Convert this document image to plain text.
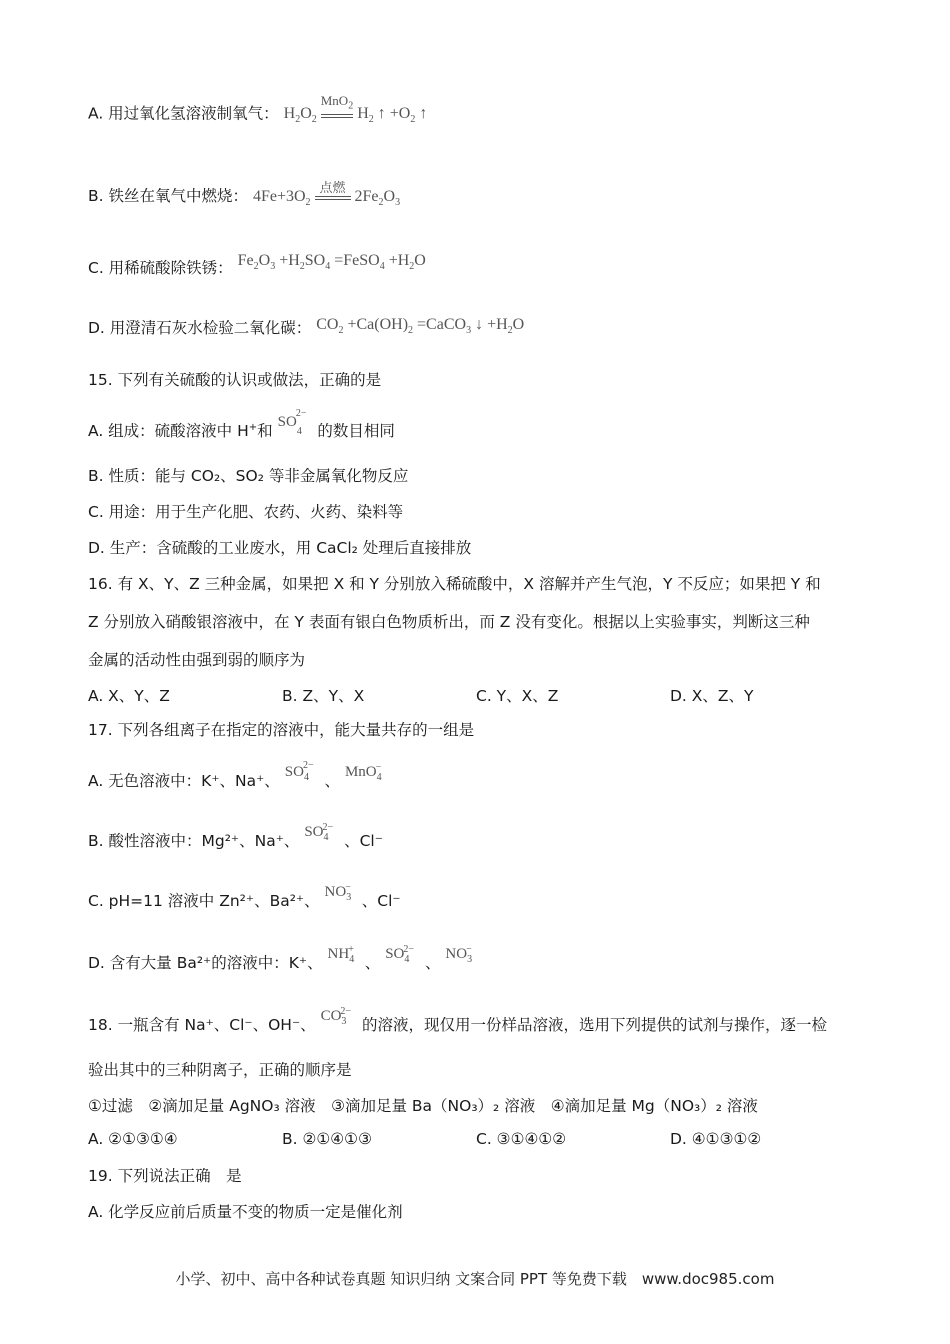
A. 用过氧化氢溶液制氧气： $H_2O_2$
MnO$_2$ $H_2$ ↑ $+O_2$ ↑
B. 铁丝在氧气中燃烧： $4Fe+3O_2$
点燃 $2Fe_2O_3$
C. 用稀硫酸除铁锈： $Fe_2O_3 +H_2SO_4$ =FeSO$_4$ $+H_2O$
D. 用澄清石灰水检验二氧化碳： $CO_2 +Ca(OH)_2$ =CaCO$_3$ ↓ $+H_2O$
15. 下列有关硫酸的认识或做法，正确的是
A. 组成：硫酸溶液中 H+和 $SO_4^{2-}$ 的数目相同
B. 性质：能与 CO₂、SO₂ 等非金属氧化物反应
C. 用途：用于生产化肥、农药、火药、染料等
D. 生产：含硫酸的工业废水，用 CaCl₂ 处理后直接排放
16. 有 X、Y、Z 三种金属，如果把 X 和 Y 分别放入稀硫酸中，X 溶解并产生气泡，Y 不反应；如果把 Y 和
Z 分别放入硝酸银溶液中，在 Y 表面有银白色物质析出，而 Z 没有变化。根据以上实验事实，判断这三种
金属的活动性由强到弱的顺序为
A. X、Y、Z	B. Z、Y、X	C. Y、X、Z	D. X、Z、Y
17. 下列各组离子在指定的溶液中，能大量共存的一组是
A. 无色溶液中：K⁺、Na⁺、 $SO_4^{2-}$ 、 MnO$_4$−
B. 酸性溶液中：Mg²⁺、Na⁺、 $SO_4^{2-}$ 、Cl⁻
C. pH=11 溶液中 Zn²⁺、Ba²⁺、 $NO_3^-$ 、Cl⁻
D. 含有大量 Ba²⁺的溶液中：K⁺、 $NH_4^+$ 、 $SO_4^{2-}$ 、 $NO_3^-$
18. 一瓶含有 Na⁺、Cl⁻、OH⁻、 $CO_3^{2-}$ 的溶液，现仅用一份样品溶液，选用下列提供的试剂与操作，逐一检
验出其中的三种阴离子，正确的顺序是
①过滤　②滴加足量 AgNO₃ 溶液　③滴加足量 Ba（NO₃）₂ 溶液　④滴加足量 Mg（NO₃）₂ 溶液
A. ②①③①④	B. ②①④①③	C. ③①④①②	D. ④①③①②
19. 下列说法正确　是
A. 化学反应前后质量不变的物质一定是催化剂
小学、初中、高中各种试卷真题 知识归纳 文案合同 PPT 等免费下载　www.doc985.com
